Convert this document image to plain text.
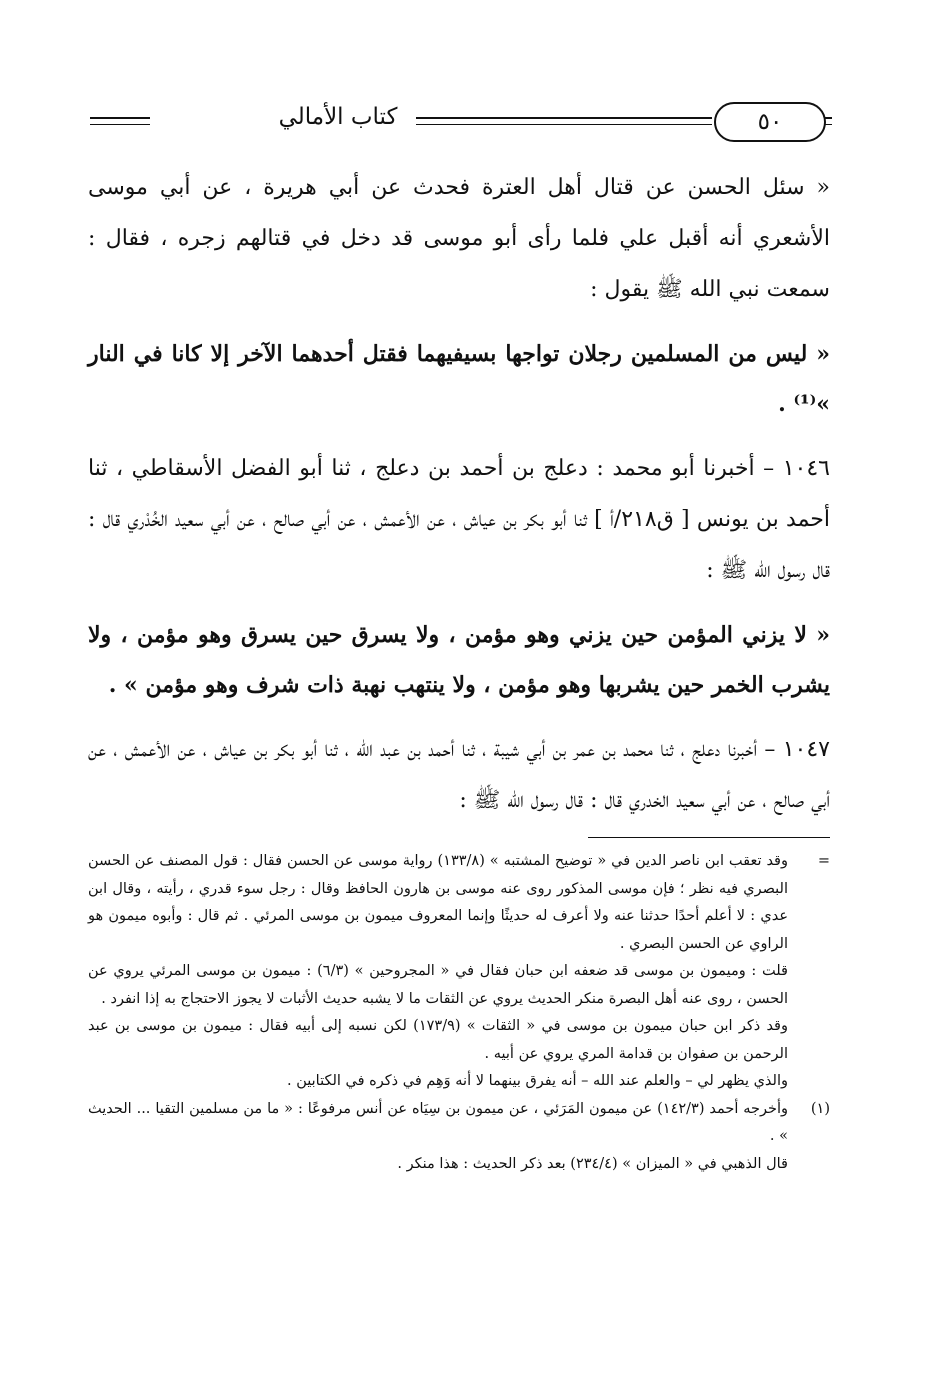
كتاب الأمالي	٥٠

« سئل الحسن عن قتال أهل العترة فحدث عن أبي هريرة ، عن أبي موسى الأشعري أنه أقبل علي فلما رأى أبو موسى قد دخل في قتالهم زجره ، فقال : سمعت نبي الله ﷺ يقول :

« ليس من المسلمين رجلان تواجها بسيفيهما فقتل أحدهما الآخر إلا كانا في النار »⁽¹⁾ .

١٠٤٦ – أخبرنا أبو محمد : دعلج بن أحمد بن دعلج ، ثنا أبو الفضل الأسقاطي ، ثنا أحمد بن يونس [ ق٢١٨/أ ] ثنا أبو بكر بن عياش ، عن الأعمش ، عن أبي صالح ، عن أبي سعيد الخُدْري قال : قال رسول الله ﷺ :

« لا يزني المؤمن حين يزني وهو مؤمن ، ولا يسرق حين يسرق وهو مؤمن ، ولا يشرب الخمر حين يشربها وهو مؤمن ، ولا ينتهب نهبة ذات شرف وهو مؤمن » .

١٠٤٧ – أخبرنا دعلج ، ثنا محمد بن عمر بن أبي شيبة ، ثنا أحمد بن عبد الله ، ثنا أبو بكر بن عياش ، عن الأعمش ، عن أبي صالح ، عن أبي سعيد الخدري قال : قال رسول الله ﷺ :

=
وقد تعقب ابن ناصر الدين في « توضيح المشتبه » (١٣٣/٨) رواية موسى عن الحسن فقال : قول المصنف عن الحسن البصري فيه نظر ؛ فإن موسى المذكور روى عنه موسى بن هارون الحافظ وقال : رجل سوء قدري ، رأيته ، وقال ابن عدي : لا أعلم أحدًا حدثنا عنه ولا أعرف له حديثًا وإنما المعروف ميمون بن موسى المرئي . ثم قال : وأبوه ميمون هو الراوي عن الحسن البصري .

قلت : وميمون بن موسى قد ضعفه ابن حبان فقال في « المجروحين » (٦/٣) : ميمون بن موسى المرئي يروي عن الحسن ، روى عنه أهل البصرة منكر الحديث يروي عن الثقات ما لا يشبه حديث الأثبات لا يجوز الاحتجاج به إذا انفرد .

وقد ذكر ابن حبان ميمون بن موسى في « الثقات » (١٧٣/٩) لكن نسبه إلى أبيه فقال : ميمون بن موسى بن عبد الرحمن بن صفوان بن قدامة المري يروي عن أبيه .

والذي يظهر لي – والعلم عند الله – أنه يفرق بينهما لا أنه وَهِم في ذكره في الكتابين .

(١)
وأخرجه أحمد (١٤٢/٣) عن ميمون المَرَئي ، عن ميمون بن سِيَاه عن أنس مرفوعًا : « ما من مسلمين التقيا ... الحديث » .

قال الذهبي في « الميزان » (٢٣٤/٤) بعد ذكر الحديث : هذا منكر .
